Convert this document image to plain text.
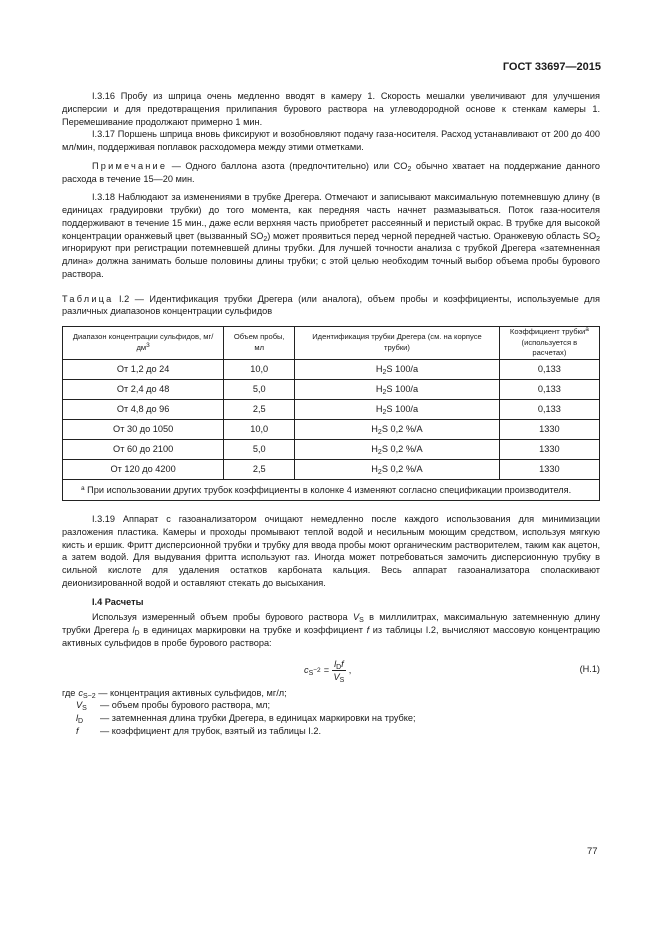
ГОСТ 33697—2015

I.3.16 Пробу из шприца очень медленно вводят в камеру 1. Скорость мешалки увеличивают для улучшения дисперсии и для предотвращения прилипания бурового раствора на углеводородной основе к стенкам камеры 1. Перемешивание продолжают примерно 1 мин.

I.3.17 Поршень шприца вновь фиксируют и возобновляют подачу газа-носителя. Расход устанавливают от 200 до 400 мл/мин, поддерживая поплавок расходомера между этими отметками.

Примечание — Одного баллона азота (предпочтительно) или $CO_2$ обычно хватает на поддержание данного расхода в течение 15—20 мин.

I.3.18 Наблюдают за изменениями в трубке Дрегера. Отмечают и записывают максимальную потемневшую длину (в единицах градуировки трубки) до того момента, как передняя часть начнет размазываться. Поток газа-носителя поддерживают в течение 15 мин., даже если верхняя часть приобретет рассеянный и перистый окрас. В трубке для высокой концентрации оранжевый цвет (вызванный $SO_2$) может проявиться перед черной передней частью. Оранжевую область $SO_2$ игнорируют при регистрации потемневшей длины трубки. Для лучшей точности анализа с трубкой Дрегера «затемненная длина» должна занимать больше половины длины трубки; с этой целью необходим точный выбор объема пробы бурового раствора.

Таблица I.2 — Идентификация трубки Дрегера (или аналога), объем пробы и коэффициенты, используемые для различных диапазонов концентрации сульфидов

Диапазон концентрации сульфидов, $мг/дм^3$	Объем пробы, мл	Идентификация трубки Дрегера (см. на корпусе трубки)	Коэффициент трубки$^a$
(используется в расчетах)
От 1,2 до 24	10,0	$H_2S$ 100/a	0,133
От 2,4 до 48	5,0	$H_2S$ 100/a	0,133
От 4,8 до 96	2,5	$H_2S$ 100/a	0,133
От 30 до 1050	10,0	$H_2S$ 0,2 %/A	1330
От 60 до 2100	5,0	$H_2S$ 0,2 %/A	1330
От 120 до 4200	2,5	$H_2S$ 0,2 %/A	1330
$^a$ При использовании других трубок коэффициенты в колонке 4 изменяют согласно спецификации производителя.			

I.3.19 Аппарат с газоанализатором очищают немедленно после каждого использования для минимизации разложения пластика. Камеры и проходы промывают теплой водой и несильным моющим средством, используя мягкую кисть и ершик. Фритт дисперсионной трубки и трубку для ввода пробы моют органическим растворителем, таким как ацетон, а затем водой. Для выдувания фритта используют газ. Иногда может потребоваться замочить дисперсионную трубку в сильной кислоте для удаления остатков карбоната кальция. Весь аппарат газоанализатора споласкивают деионизированной водой и оставляют стекать до высыхания.

I.4 Расчеты

Используя измеренный объем пробы бурового раствора $V_S$ в миллилитрах, максимальную затемненную длину трубки Дрегера $l_D$ в единицах маркировки на трубке и коэффициент f из таблицы I.2, вычисляют массовую концентрацию активных сульфидов в пробе бурового раствора:

$c_{S^{-2}} = \frac{l_Df}{V_S}$ ,	(H.1)
где $c_{S-2}$
— концентрация активных сульфидов, мг/л;
$V_S$	— объем пробы бурового раствора, мл;
$l_D$	— затемненная длина трубки Дрегера, в единицах маркировки на трубке;
f	— коэффициент для трубок, взятый из таблицы I.2.
77
